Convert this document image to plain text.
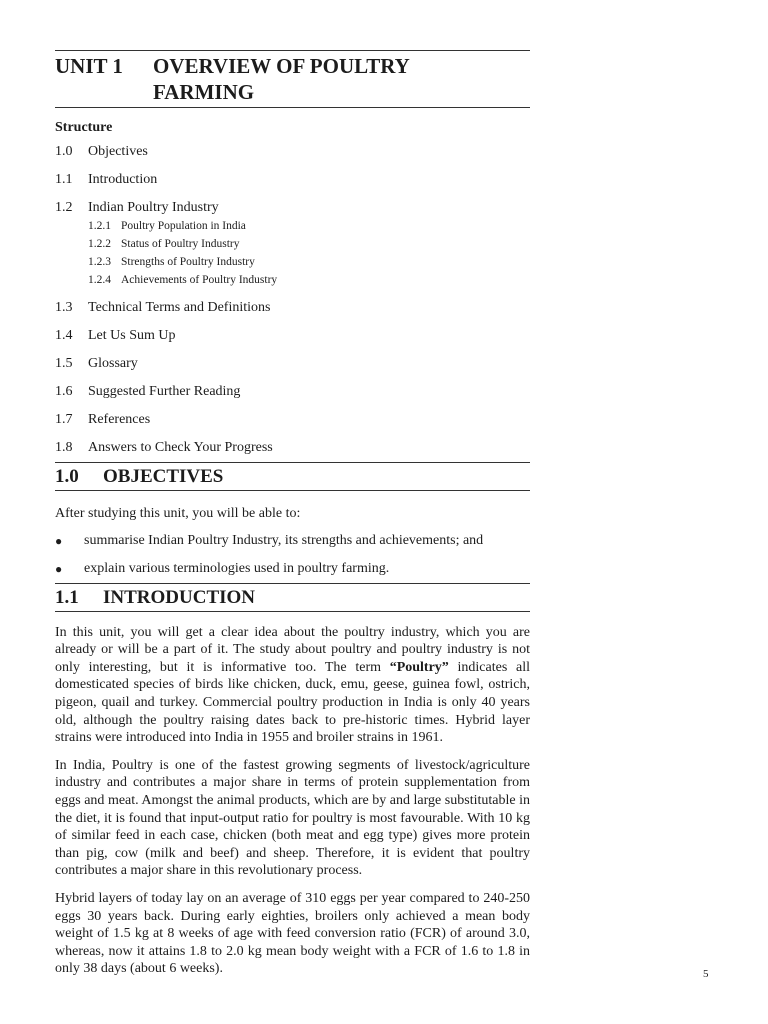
UNIT 1	OVERVIEW OF POULTRY
FARMING
Structure
1.0	Objectives
1.1	Introduction
1.2	Indian Poultry Industry
1.2.1 Poultry Population in India
1.2.2 Status of Poultry Industry
1.2.3 Strengths of Poultry Industry
1.2.4 Achievements of Poultry Industry
1.3	Technical Terms and Definitions
1.4	Let Us Sum Up
1.5	Glossary
1.6	Suggested Further Reading
1.7	References
1.8	Answers to Check Your Progress
1.0	OBJECTIVES

After studying this unit, you will be able to:

●	summarise Indian Poultry Industry, its strengths and achievements; and
●	explain various terminologies used in poultry farming.
1.1	INTRODUCTION

In this unit, you will get a clear idea about the poultry industry, which you are already or will be a part of it. The study about poultry and poultry industry is not only interesting, but it is informative too. The term “Poultry” indicates all domesticated species of birds like chicken, duck, emu, geese, guinea fowl, ostrich, pigeon, quail and turkey. Commercial poultry production in India is only 40 years old, although the poultry raising dates back to pre-historic times. Hybrid layer strains were introduced into India in 1955 and broiler strains in 1961.

In India, Poultry is one of the fastest growing segments of livestock/agriculture industry and contributes a major share in terms of protein supplementation from eggs and meat. Amongst the animal products, which are by and large substitutable in the diet, it is found that input-output ratio for poultry is most favourable. With 10 kg of similar feed in each case, chicken (both meat and egg type) gives more protein than pig, cow (milk and beef) and sheep. Therefore, it is evident that poultry contributes a major share in this revolutionary process.

Hybrid layers of today lay on an average of 310 eggs per year compared to 240-250 eggs 30 years back. During early eighties, broilers only achieved a mean body weight of 1.5 kg at 8 weeks of age with feed conversion ratio (FCR) of around 3.0, whereas, now it attains 1.8 to 2.0 kg mean body weight with a FCR of 1.6 to 1.8 in only 38 days (about 6 weeks).	5
